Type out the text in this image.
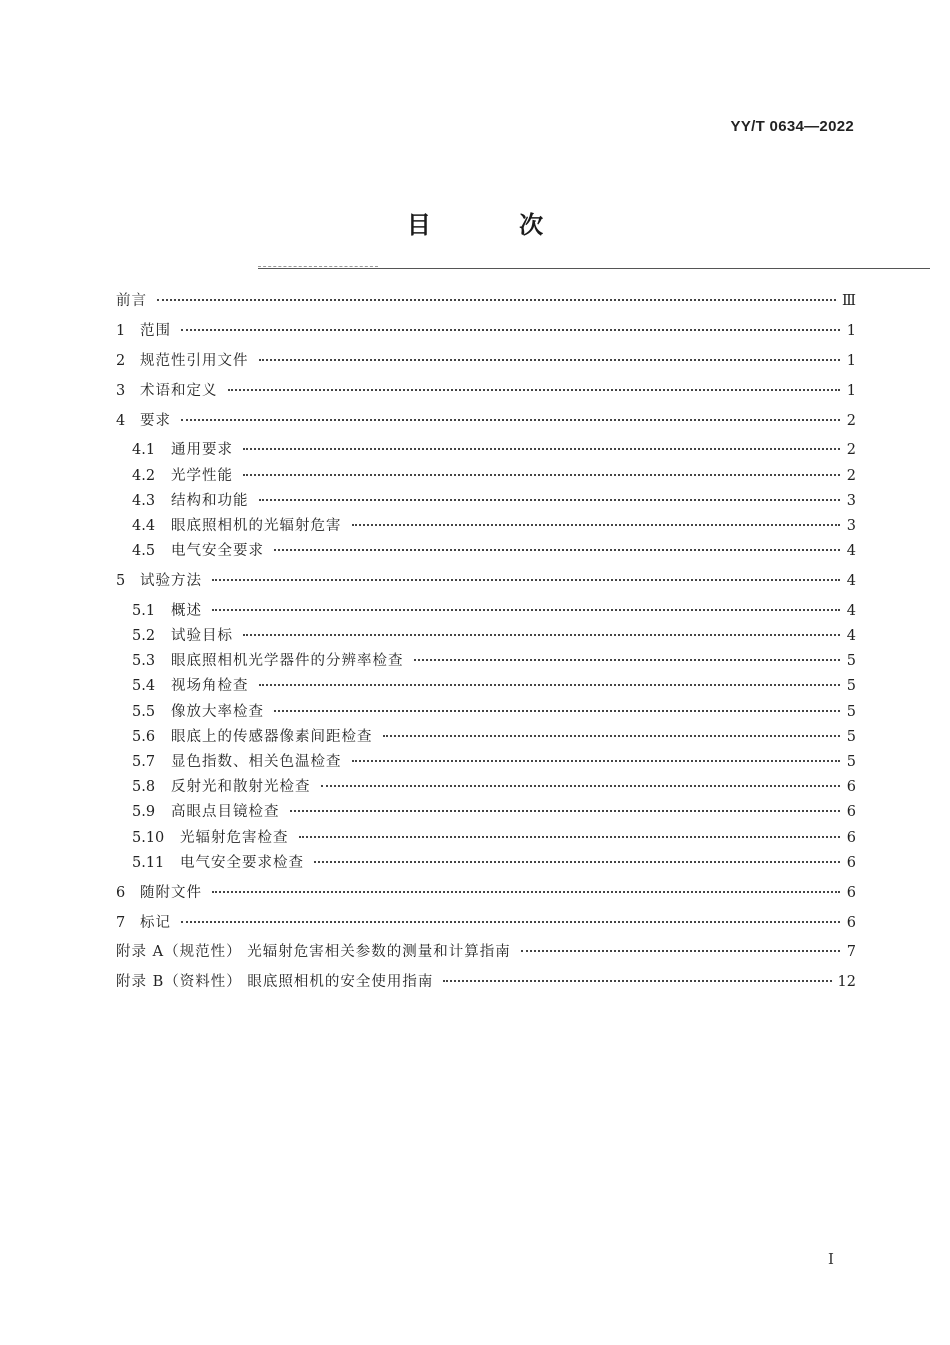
YY/T 0634—2022
目 次
前言	Ⅲ
1	范围	1
2	规范性引用文件	1
3	术语和定义	1
4	要求	2
4.1	通用要求	2
4.2	光学性能	2
4.3	结构和功能	3
4.4	眼底照相机的光辐射危害	3
4.5	电气安全要求	4
5	试验方法	4
5.1	概述	4
5.2	试验目标	4
5.3	眼底照相机光学器件的分辨率检查	5
5.4	视场角检查	5
5.5	像放大率检查	5
5.6	眼底上的传感器像素间距检查	5
5.7	显色指数、相关色温检查	5
5.8	反射光和散射光检查	6
5.9	高眼点目镜检查	6
5.10	光辐射危害检查	6
5.11	电气安全要求检查	6
6	随附文件	6
7	标记	6
附录 A（规范性） 光辐射危害相关参数的测量和计算指南	7
附录 B（资料性） 眼底照相机的安全使用指南	12
I
